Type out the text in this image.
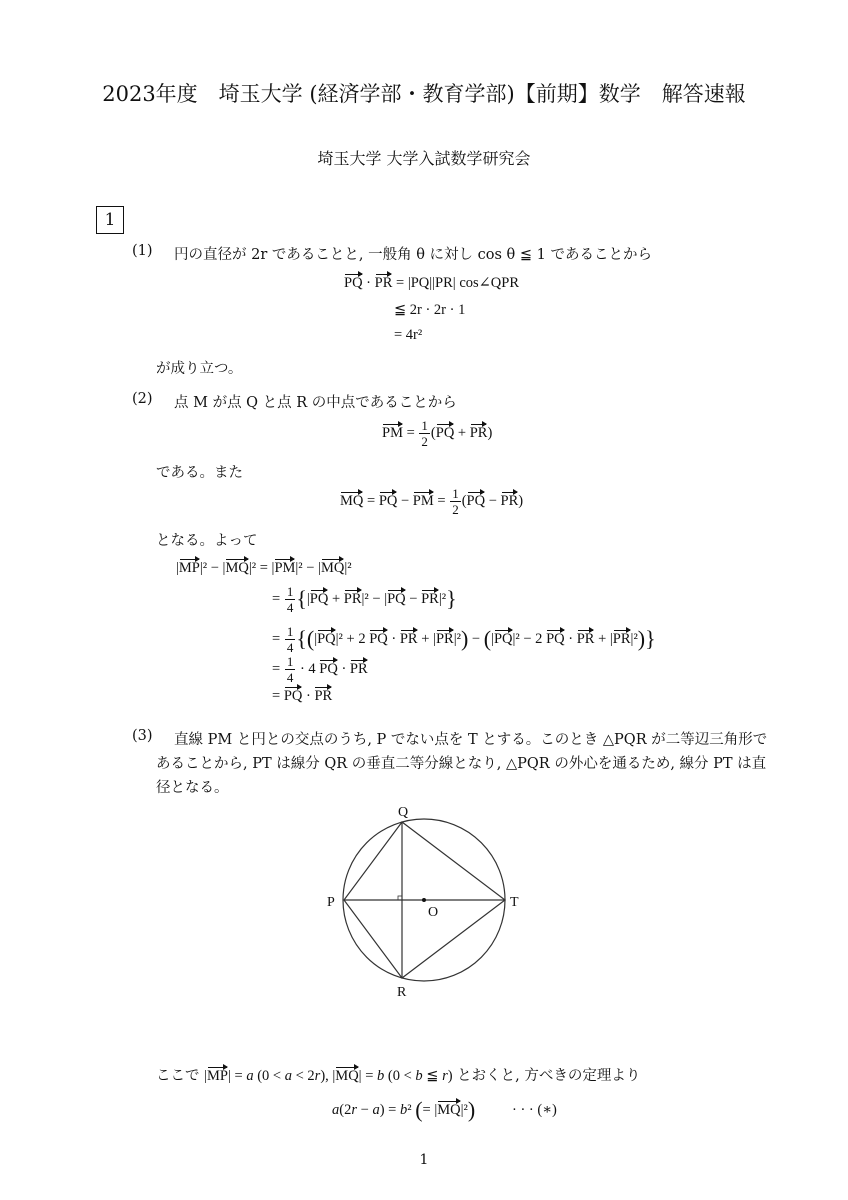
2023年度　埼玉大学 (経済学部・教育学部)【前期】数学　解答速報
埼玉大学 大学入試数学研究会
1
(1) 円の直径が 2r であることと, 一般角 θ に対し cos θ ≦ 1 であることから
PQ · PR = |PQ||PR| cos∠QPR
≦ 2r · 2r · 1
= 4r²
が成り立つ。
(2) 点 M が点 Q と点 R の中点であることから
PM = $\frac{1}{2} (PQ + PR)$
である。また
MQ = PQ − PM = $\frac{1}{2} (PQ - PR)$
となる。よって
|MP|² − |MQ|² = |PM|² − |MQ|²
= $\frac{1}{4} \{|PQ + PR|^2 - |PQ - PR|^2\}$
= $\frac{1}{4} \{(|PQ|^2 + 2$ PQ · PR + |PR|²) − (|PQ|² − 2 PQ · PR + |PR|²)}
= $\frac{1}{4} \cdot 4$ PQ · PR
= PQ · PR
(3) 直線 PM と円との交点のうち, P でない点を T とする。このとき △PQR が二等辺三角形で
あることから, PT は線分 QR の垂直二等分線となり, △PQR の外心を通るため, 線分 PT は直
径となる。
Q
P
O
T
R
ここで |MP| = a (0 < a < 2r), |MQ| = b (0 < b ≦ r) とおくと, 方べきの定理より
a(2r − a) = b² (= |MQ|²)	· · · (∗)
1
